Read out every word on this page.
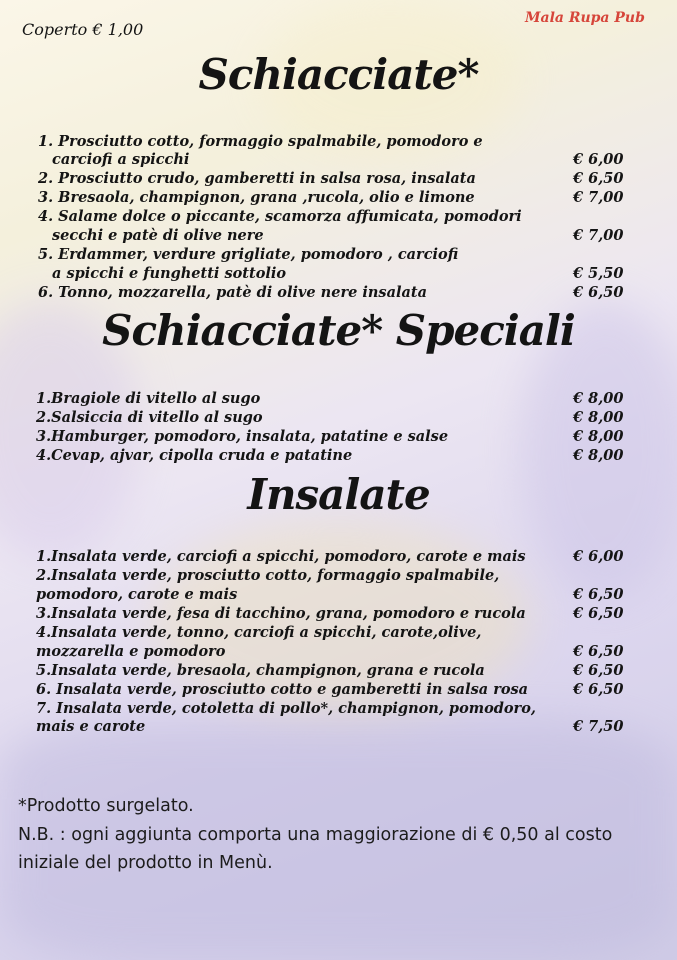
Coperto € 1,00
Mala Rupa Pub
Schiacciate*
1. Prosciutto cotto, formaggio spalmabile, pomodoro e
carciofi a spicchi	€ 6,00
2. Prosciutto crudo, gamberetti in salsa rosa, insalata	€ 6,50
3. Bresaola, champignon, grana ,rucola, olio e limone	€ 7,00
4. Salame dolce o piccante, scamorza affumicata, pomodori
secchi e patè di olive nere	€ 7,00
5. Erdammer, verdure grigliate, pomodoro , carciofi
a spicchi e funghetti sottolio	€ 5,50
6. Tonno, mozzarella, patè di olive nere insalata	€ 6,50
Schiacciate* Speciali
1.Bragiole di vitello al sugo	€ 8,00
2.Salsiccia di vitello al sugo	€ 8,00
3.Hamburger, pomodoro, insalata, patatine e salse	€ 8,00
4.Cevap, ajvar, cipolla cruda e patatine	€ 8,00
Insalate
1.Insalata verde, carciofi a spicchi, pomodoro, carote e mais	€ 6,00
2.Insalata verde, prosciutto cotto, formaggio spalmabile,
pomodoro, carote e mais	€ 6,50
3.Insalata verde, fesa di tacchino, grana, pomodoro e rucola	€ 6,50
4.Insalata verde, tonno, carciofi a spicchi, carote,olive,
mozzarella e pomodoro	€ 6,50
5.Insalata verde, bresaola, champignon, grana e rucola	€ 6,50
6. Insalata verde, prosciutto cotto e gamberetti in salsa rosa	€ 6,50
7. Insalata verde, cotoletta di pollo*, champignon, pomodoro,
mais e carote	€ 7,50
*Prodotto surgelato.
N.B. : ogni aggiunta comporta una maggiorazione di € 0,50 al costo
iniziale del prodotto in Menù.
